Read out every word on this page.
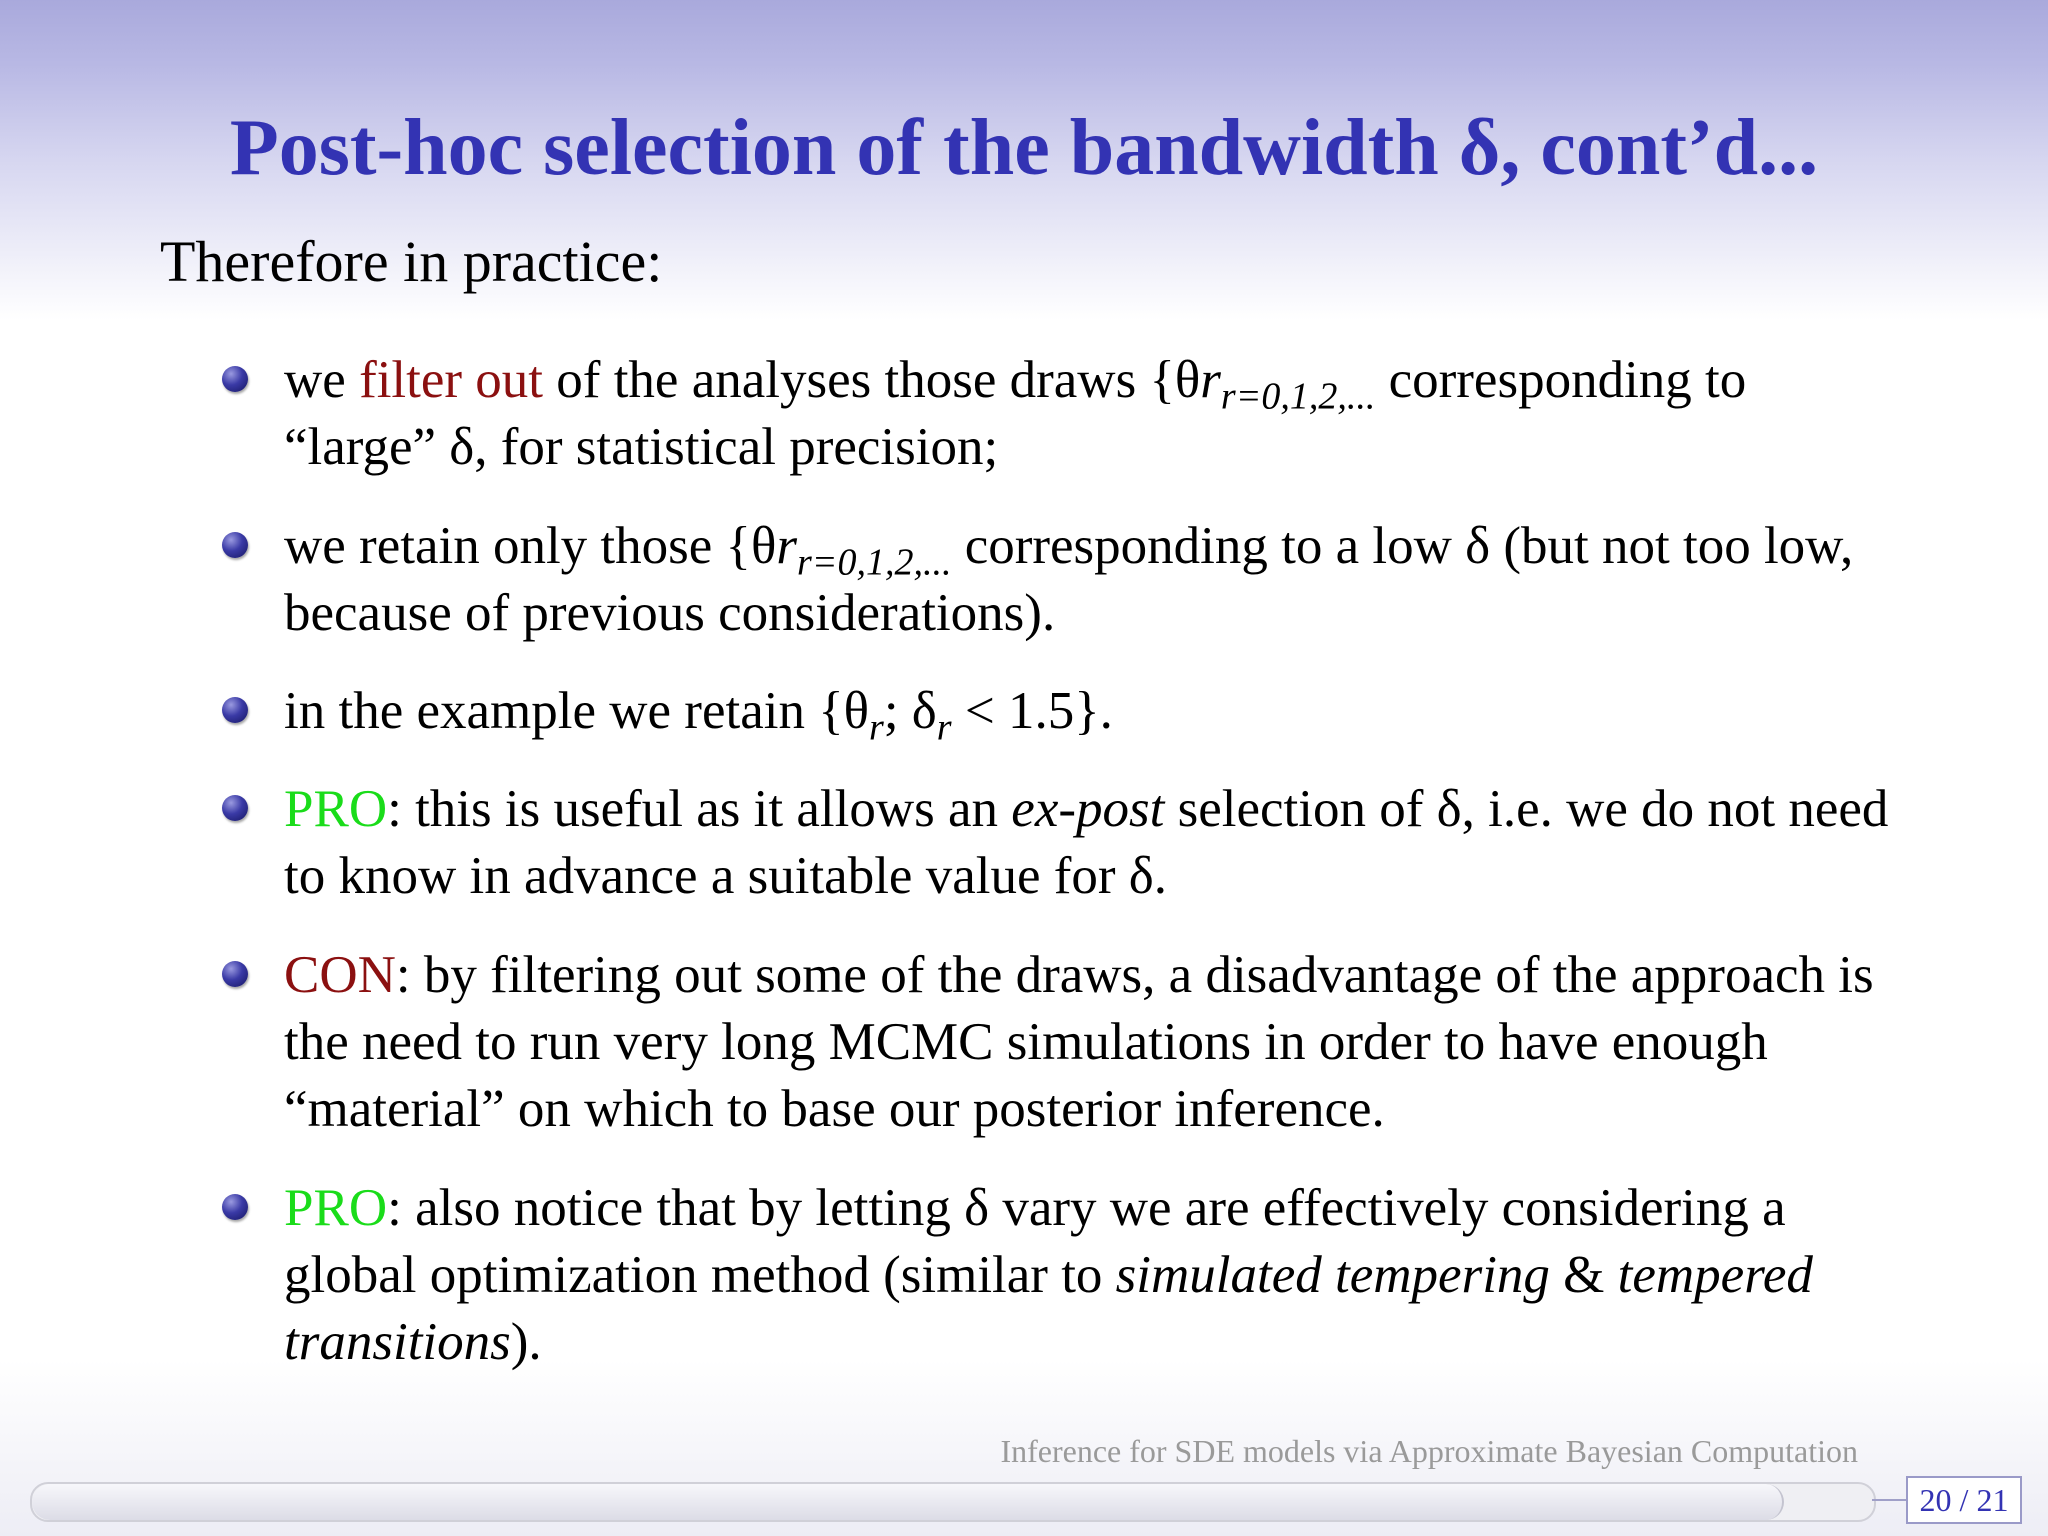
Post-hoc selection of the bandwidth δ, cont’d...

Therefore in practice:

we filter out of the analyses those draws {$\theta r_{r=0,1,2,...}$ corresponding to “large” δ, for statistical precision;
we retain only those {$\theta r_{r=0,1,2,...}$ corresponding to a low δ (but not too low, because of previous considerations).
in the example we retain {$\theta_r$; $\delta_r < 1.5$}.
PRO: this is useful as it allows an ex-post selection of δ, i.e. we do not need to know in advance a suitable value for δ.
CON: by filtering out some of the draws, a disadvantage of the approach is the need to run very long MCMC simulations in order to have enough “material” on which to base our posterior inference.
PRO: also notice that by letting δ vary we are effectively considering a global optimization method (similar to simulated tempering & tempered transitions).
Inference for SDE models via Approximate Bayesian Computation
20 / 21
